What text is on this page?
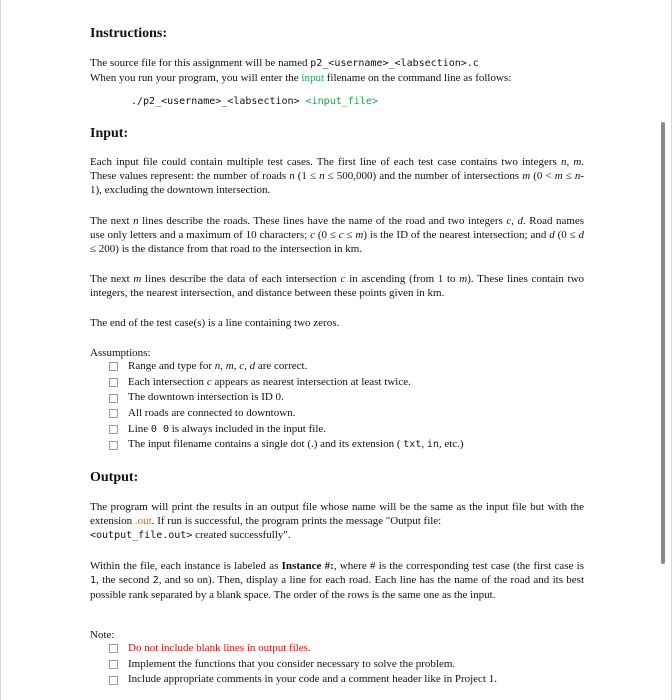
Instructions:
The source file for this assignment will be named p2_<username>_<labsection>.c
When you run your program, you will enter the input filename on the command line as follows:
./p2_<username>_<labsection> <input_file>
Input:
Each input file could contain multiple test cases. The first line of each test case contains two integers n, m. These values represent: the number of roads n (1 ≤ n ≤ 500,000) and the number of intersections m (0 < m ≤ n-1), excluding the downtown intersection.
The next n lines describe the roads. These lines have the name of the road and two integers c, d. Road names use only letters and a maximum of 10 characters; c (0 ≤ c ≤ m) is the ID of the nearest intersection; and d (0 ≤ d ≤ 200) is the distance from that road to the intersection in km.
The next m lines describe the data of each intersection c in ascending (from 1 to m). These lines contain two integers, the nearest intersection, and distance between these points given in km.
The end of the test case(s) is a line containing two zeros.
Assumptions:
Range and type for n, m, c, d are correct.
Each intersection c appears as nearest intersection at least twice.
The downtown intersection is ID 0.
All roads are connected to downtown.
Line 0 0 is always included in the input file.
The input filename contains a single dot (.) and its extension ( txt, in, etc.)
Output:
The program will print the results in an output file whose name will be the same as the input file but with the extension .out. If run is successful, the program prints the message "Output file:
<output_file.out> created successfully".
Within the file, each instance is labeled as Instance #:, where # is the corresponding test case (the first case is 1, the second 2, and so on). Then, display a line for each road. Each line has the name of the road and its best possible rank separated by a blank space. The order of the rows is the same one as the input.
Note:
Do not include blank lines in output files.
Implement the functions that you consider necessary to solve the problem.
Include appropriate comments in your code and a comment header like in Project 1.
